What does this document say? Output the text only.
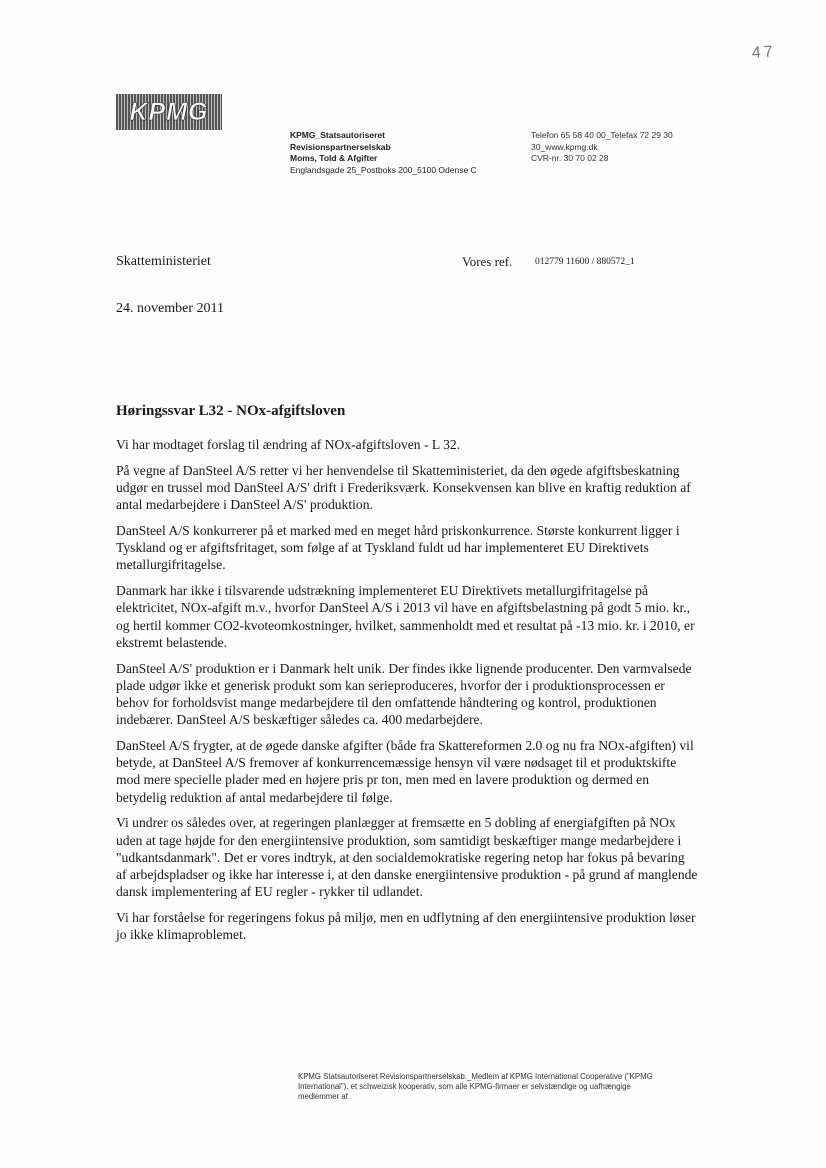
47
KPMG
KPMG_Statsautoriseret
Revisionspartnerselskab
Moms, Told & Afgifter
Englandsgade 25_Postboks 200_5100 Odense C
Telefon 65 58 40 00_Telefax 72 29 30
30_www.kpmg.dk
CVR-nr. 30 70 02 28
Skatteministeriet	Vores ref. 012779 11600 / 880572_1
24. november 2011
Høringssvar L32 - NOx-afgiftsloven

Vi har modtaget forslag til ændring af NOx-afgiftsloven - L 32.

På vegne af DanSteel A/S retter vi her henvendelse til Skatteministeriet, da den øgede afgiftsbeskatning udgør en trussel mod DanSteel A/S' drift i Frederiksværk. Konsekvensen kan blive en kraftig reduktion af antal medarbejdere i DanSteel A/S' produktion.

DanSteel A/S konkurrerer på et marked med en meget hård priskonkurrence. Største konkurrent ligger i Tyskland og er afgiftsfritaget, som følge af at Tyskland fuldt ud har implementeret EU Direktivets metallurgifritagelse.

Danmark har ikke i tilsvarende udstrækning implementeret EU Direktivets metallurgifritagelse på elektricitet, NOx-afgift m.v., hvorfor DanSteel A/S i 2013 vil have en afgiftsbelastning på godt 5 mio. kr., og hertil kommer CO2-kvoteomkostninger, hvilket, sammenholdt med et resultat på -13 mio. kr. i 2010, er ekstremt belastende.

DanSteel A/S' produktion er i Danmark helt unik. Der findes ikke lignende producenter. Den varmvalsede plade udgør ikke et generisk produkt som kan serieproduceres, hvorfor der i produktionsprocessen er behov for forholdsvist mange medarbejdere til den omfattende håndtering og kontrol, produktionen indebærer. DanSteel A/S beskæftiger således ca. 400 medarbejdere.

DanSteel A/S frygter, at de øgede danske afgifter (både fra Skattereformen 2.0 og nu fra NOx-afgiften) vil betyde, at DanSteel A/S fremover af konkurrencemæssige hensyn vil være nødsaget til et produktskifte mod mere specielle plader med en højere pris pr ton, men med en lavere produktion og dermed en betydelig reduktion af antal medarbejdere til følge.

Vi undrer os således over, at regeringen planlægger at fremsætte en 5 dobling af energiafgiften på NOx uden at tage højde for den energiintensive produktion, som samtidigt beskæftiger mange medarbejdere i "udkantsdanmark". Det er vores indtryk, at den socialdemokratiske regering netop har fokus på bevaring af arbejdspladser og ikke har interesse i, at den danske energiintensive produktion - på grund af manglende dansk implementering af EU regler - rykker til udlandet.

Vi har forståelse for regeringens fokus på miljø, men en udflytning af den energiintensive produktion løser jo ikke klimaproblemet.

KPMG Statsautoriseret Revisionspartnerselskab._Medlem af KPMG International Cooperative ("KPMG International"), et schweizisk kooperativ, som alle KPMG-firmaer er selvstændige og uafhængige medlemmer af.
